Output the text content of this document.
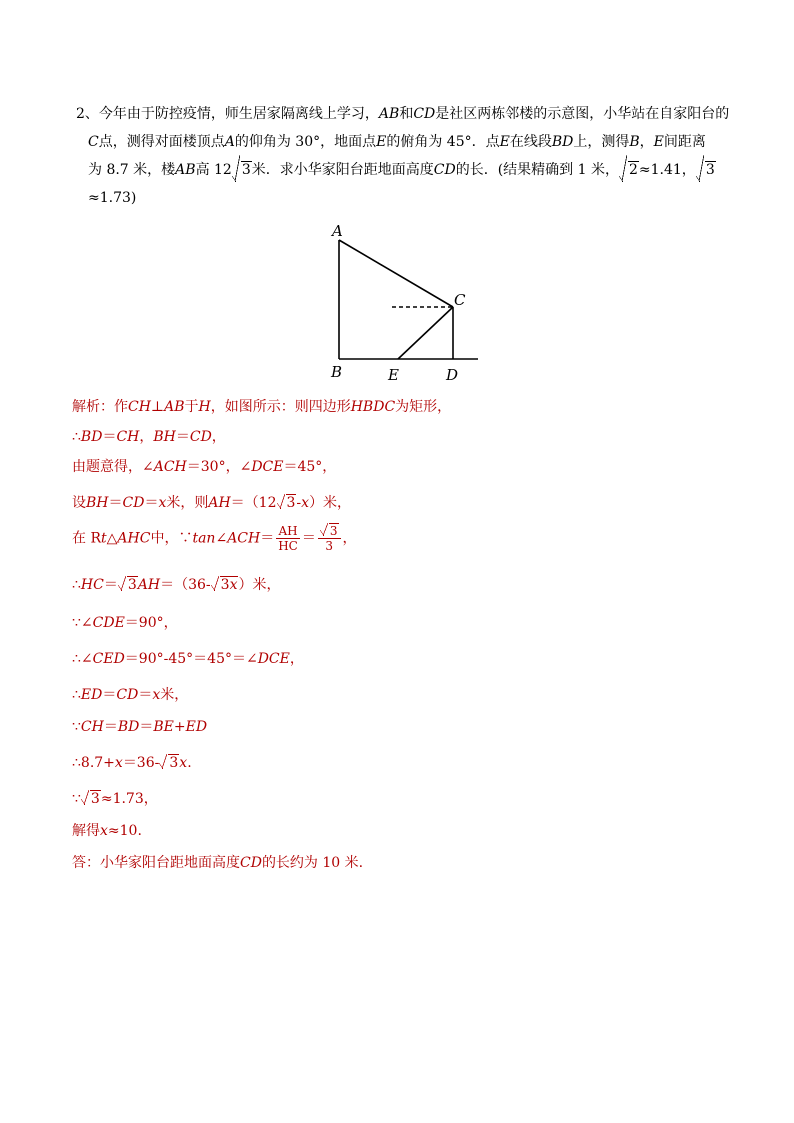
2、今年由于防控疫情，师生居家隔离线上学习，AB和CD是社区两栋邻楼的示意图，小华站在自家阳台的
C点，测得对面楼顶点A的仰角为 30°，地面点E的俯角为 45°．点E在线段BD上，测得B，E间距离
为 8.7 米，楼AB高 12 3米．求小华家阳台距地面高度CD的长．(结果精确到 1 米， 2≈1.41， 3
≈1.73)
A
C
B	E	D
解析：作CH⊥AB于H，如图所示：则四边形HBDC为矩形，
∴BD＝CH，BH＝CD，
由题意得，∠ACH＝30°，∠DCE＝45°，
设BH＝CD＝x米，则AH＝（12 3-x）米，
在 Rt△AHC中，∵tan∠ACH＝ $\frac{AH}{HC} = \frac{3}{3}$ ，
∴HC＝ 3AH＝（36- 3x）米，
∵∠CDE＝90°，
∴∠CED＝90°-45°＝45°＝∠DCE，
∴ED＝CD＝x米，
∵CH＝BD＝BE+ED
∴8.7+x＝36- 3x.
∵ 3≈1.73，
解得x≈10.
答：小华家阳台距地面高度CD的长约为 10 米.
